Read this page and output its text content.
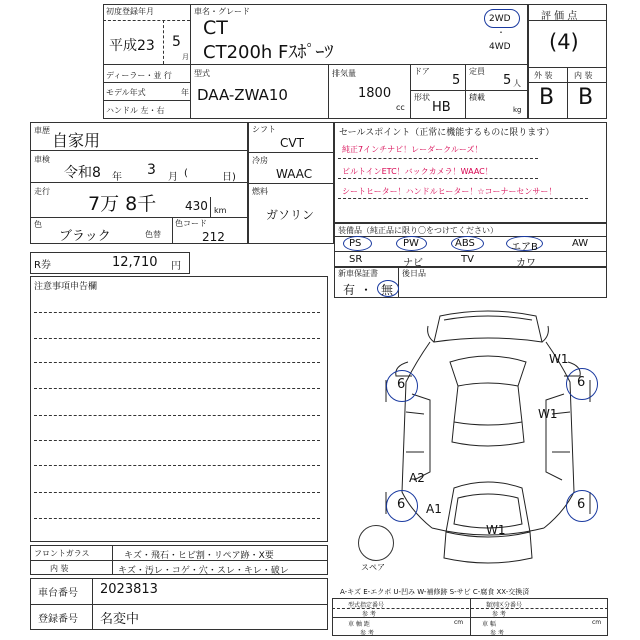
初度登録年月
平成23 5
月
車名・グレード
CT
CT200h Fｽﾎﾟｰﾂ
2WD
・
4WD
ディーラー・並 行
モデル年式	年
ハンドル 左・右
型式
DAA-ZWA10
排気量
1800
cc
ドア
5
定員
5 人
形状
HB
積載
kg
評 価 点
(4)
外 装	内 装
B B
車歴
自家用
車検
令和8 年 3 月 (	日)
走行
7万 8千 430 km
色
ブラック	色替
色コード
212
シフト
CVT
冷房
WAAC
燃料
ガソリン
セールスポイント（正常に機能するものに限ります）
純正7インチナビ！レーダークルーズ！
ビルトインETC！バックカメラ！WAAC！
シートヒーター！ハンドルヒーター！☆コーナーセンサー！
装備品（純正品に限り〇をつけてください）
PS	PW	ABS	エアB	AW
SR	ナビ	TV	カワ
新車保証書
有 ・ 無
後日品
R券	12,710 円
注意事項申告欄
スペア
W1
6	6
W1
A2
6 A1	6
W1
フロントガラス	キズ・飛石・ヒビ割・リペア跡・X要
内 装	キズ・汚レ・コゲ・穴・スレ・キレ・破レ
車台番号 2023813
登録番号 名変中
A-キズ E-エクボ U-凹み W-補修跡 S-サビ C-腐食 XX-交換済
型式指定番号
参 考
類別区分番号
参 考
車 軸 距	cm
参 考
車 幅	cm
参 考
